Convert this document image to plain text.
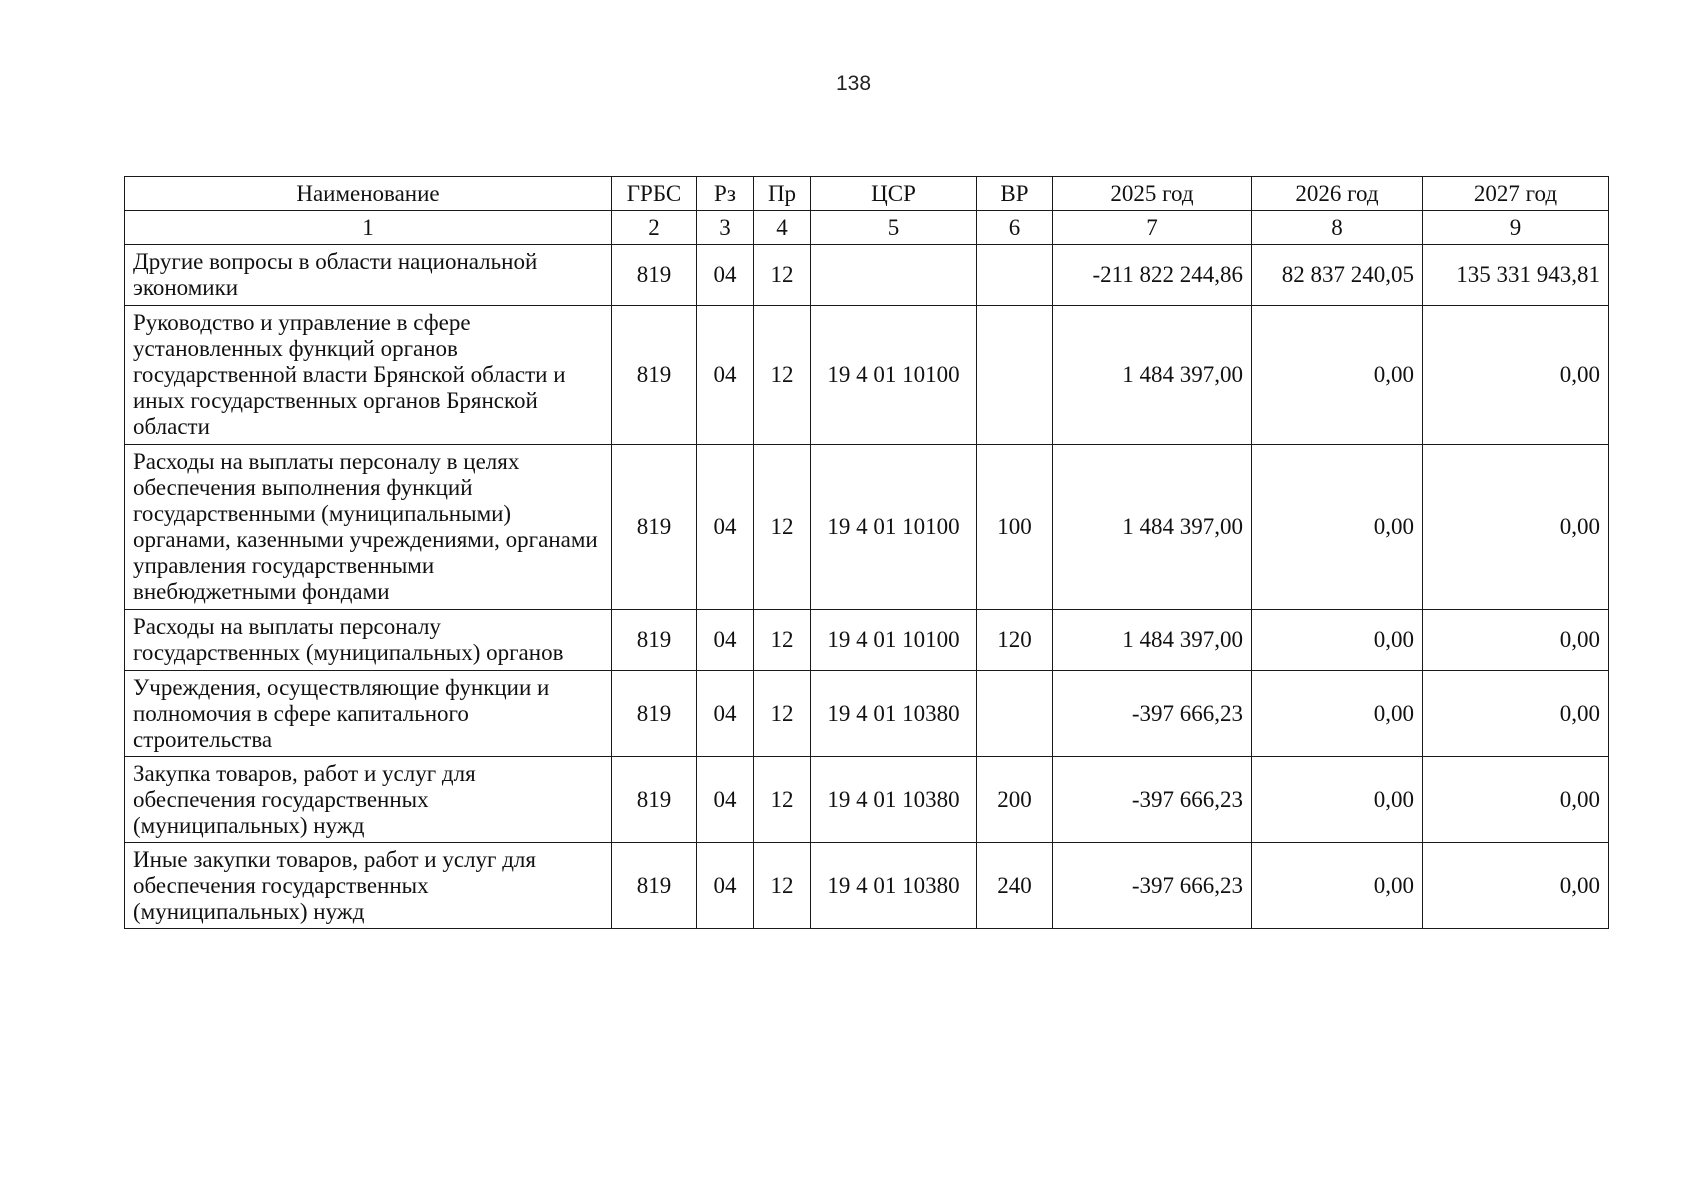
138
Наименование	ГРБС	Рз	Пр	ЦСР	ВР	2025 год	2026 год	2027 год
1	2	3	4	5	6	7	8	9
Другие вопросы в области национальной экономики	819	04	12			-211 822 244,86	82 837 240,05	135 331 943,81
Руководство и управление в сфере установленных функций органов государственной власти Брянской области и иных государственных органов Брянской области	819	04	12	19 4 01 10100		1 484 397,00	0,00	0,00
Расходы на выплаты персоналу в целях обеспечения выполнения функций государственными (муниципальными) органами, казенными учреждениями, органами управления государственными внебюджетными фондами	819	04	12	19 4 01 10100	100	1 484 397,00	0,00	0,00
Расходы на выплаты персоналу государственных (муниципальных) органов	819	04	12	19 4 01 10100	120	1 484 397,00	0,00	0,00
Учреждения, осуществляющие функции и полномочия в сфере капитального строительства	819	04	12	19 4 01 10380		-397 666,23	0,00	0,00
Закупка товаров, работ и услуг для обеспечения государственных (муниципальных) нужд	819	04	12	19 4 01 10380	200	-397 666,23	0,00	0,00
Иные закупки товаров, работ и услуг для обеспечения государственных (муниципальных) нужд	819	04	12	19 4 01 10380	240	-397 666,23	0,00	0,00
